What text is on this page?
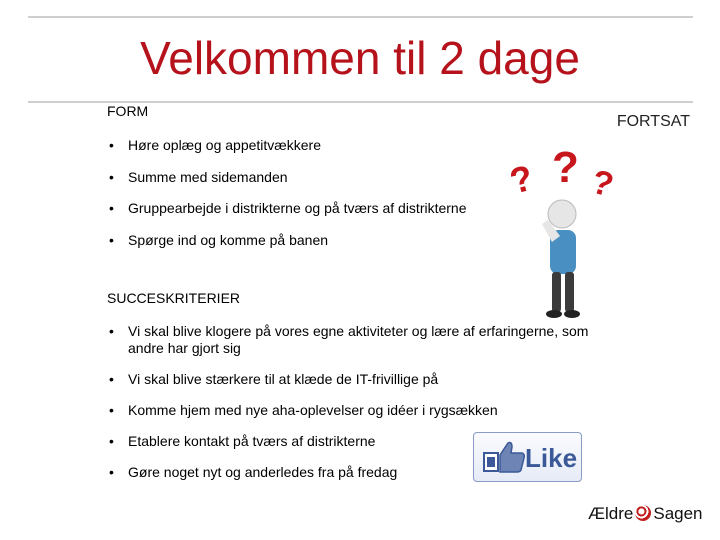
Velkommen til 2 dage
FORM
FORTSAT
• Høre oplæg og appetitvækkere
• Summe med sidemanden
• Gruppearbejde i distrikterne og på tværs af distrikterne
• Spørge ind og komme på banen
? ? ?
SUCCESKRITERIER
• Vi skal blive klogere på vores egne aktiviteter og lære af erfaringerne, som andre har gjort sig
• Vi skal blive stærkere til at klæde de IT-frivillige på
• Komme hjem med nye aha-oplevelser og idéer i rygsækken
• Etablere kontakt på tværs af distrikterne
• Gøre noget nyt og anderledes fra på fredag	Like
Ældre Sagen
